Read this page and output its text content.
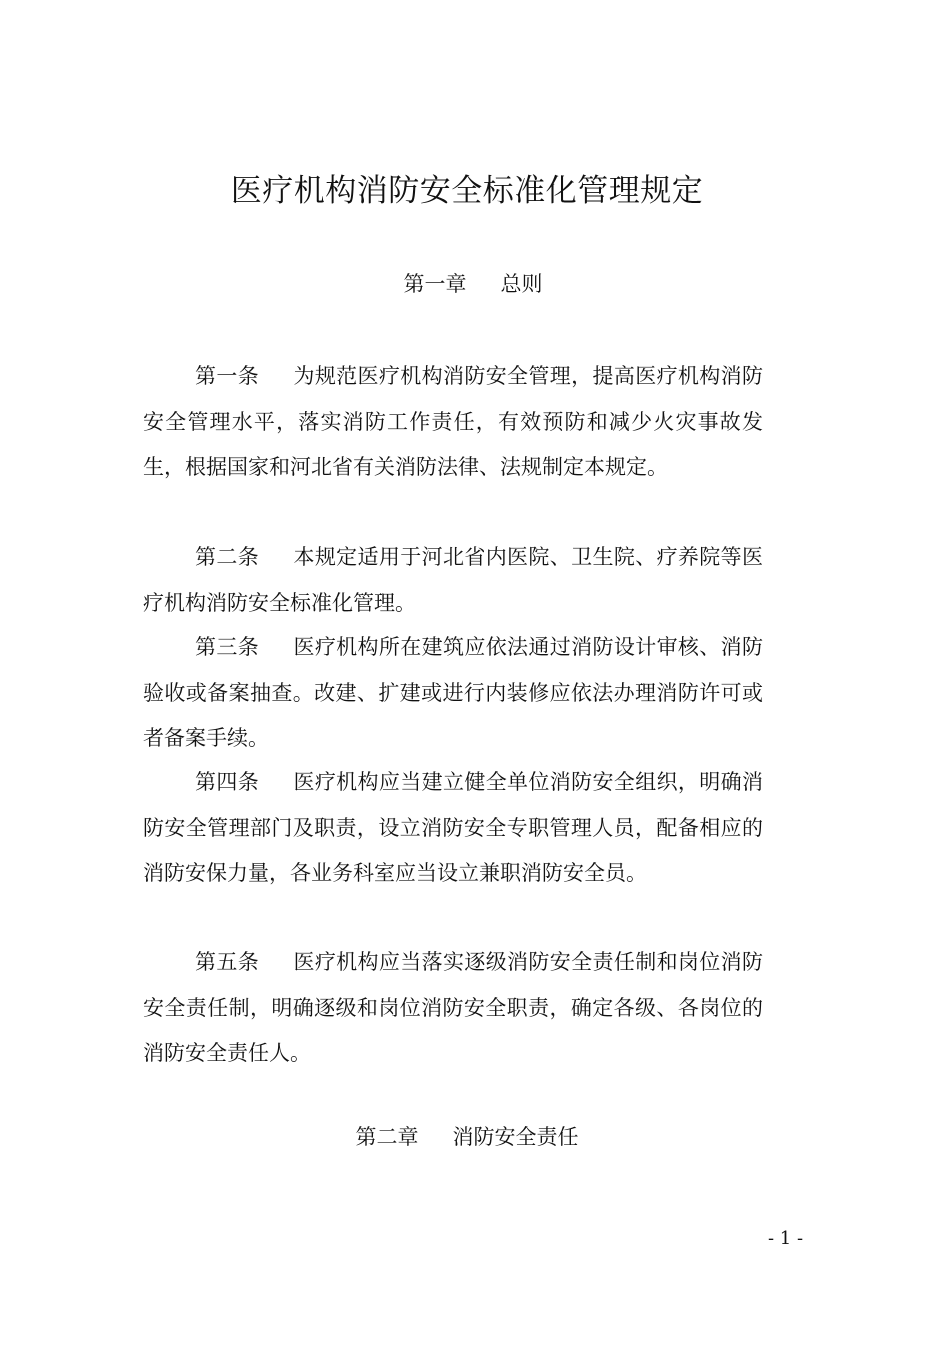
医疗机构消防安全标准化管理规定
第一章 总则

第一条 为规范医疗机构消防安全管理，提高医疗机构消防安全管理水平，落实消防工作责任，有效预防和减少火灾事故发生，根据国家和河北省有关消防法律、法规制定本规定。

第二条 本规定适用于河北省内医院、卫生院、疗养院等医疗机构消防安全标准化管理。

第三条 医疗机构所在建筑应依法通过消防设计审核、消防验收或备案抽查。改建、扩建或进行内装修应依法办理消防许可或者备案手续。

第四条 医疗机构应当建立健全单位消防安全组织，明确消防安全管理部门及职责，设立消防安全专职管理人员，配备相应的消防安保力量，各业务科室应当设立兼职消防安全员。

第五条 医疗机构应当落实逐级消防安全责任制和岗位消防安全责任制，明确逐级和岗位消防安全职责，确定各级、各岗位的消防安全责任人。

第二章 消防安全责任
- 1 -
